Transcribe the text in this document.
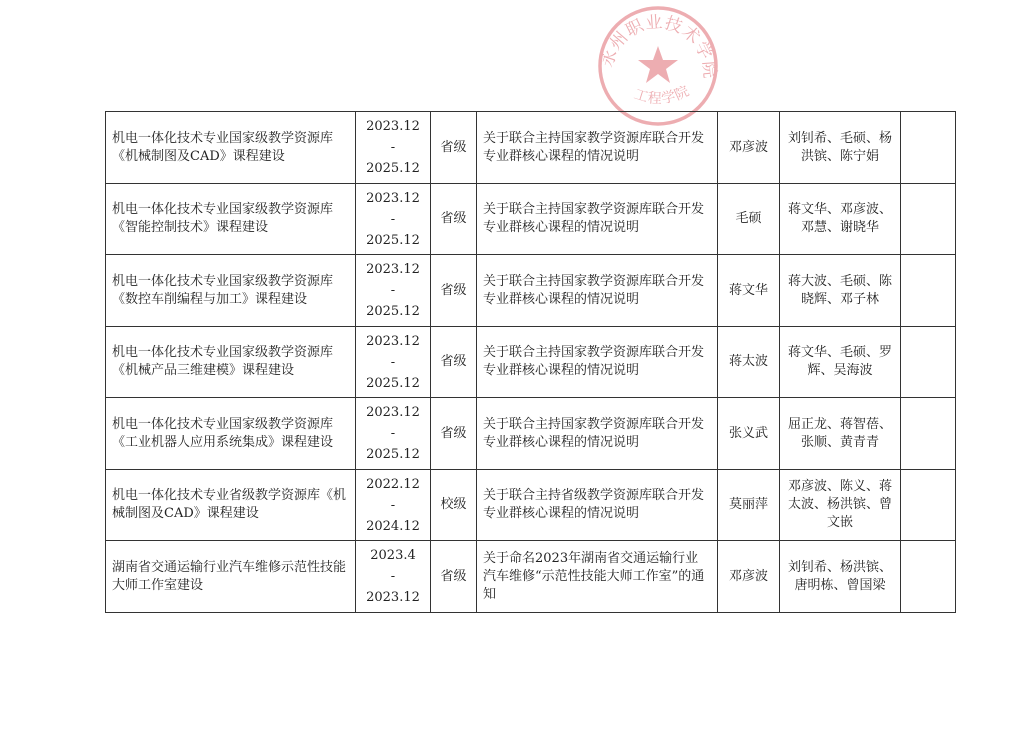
永州职业技术学院
工程学院
机电一体化技术专业国家级教学资源库《机械制图及CAD》课程建设	2023.12
-
2025.12	省级	关于联合主持国家教学资源库联合开发专业群核心课程的情况说明	邓彦波	刘钊希、毛硕、杨洪镔、陈宁娟	
机电一体化技术专业国家级教学资源库《智能控制技术》课程建设	2023.12
-
2025.12	省级	关于联合主持国家教学资源库联合开发专业群核心课程的情况说明	毛硕	蒋文华、邓彦波、邓慧、谢晓华	
机电一体化技术专业国家级教学资源库《数控车削编程与加工》课程建设	2023.12
-
2025.12	省级	关于联合主持国家教学资源库联合开发专业群核心课程的情况说明	蒋文华	蒋大波、毛硕、陈晓辉、邓子林	
机电一体化技术专业国家级教学资源库《机械产品三维建模》课程建设	2023.12
-
2025.12	省级	关于联合主持国家教学资源库联合开发专业群核心课程的情况说明	蒋太波	蒋文华、毛硕、罗辉、吴海波	
机电一体化技术专业国家级教学资源库《工业机器人应用系统集成》课程建设	2023.12
-
2025.12	省级	关于联合主持国家教学资源库联合开发专业群核心课程的情况说明	张义武	屈正龙、蒋智蓓、张顺、黄青青	
机电一体化技术专业省级教学资源库《机械制图及CAD》课程建设	2022.12
-
2024.12	校级	关于联合主持省级教学资源库联合开发专业群核心课程的情况说明	莫丽萍	邓彦波、陈义、蒋太波、杨洪镔、曾文嵌	
湖南省交通运输行业汽车维修示范性技能大师工作室建设	2023.4
-
2023.12	省级	关于命名2023年湖南省交通运输行业汽车维修“示范性技能大师工作室”的通知	邓彦波	刘钊希、杨洪镔、唐明栋、曾国梁	
